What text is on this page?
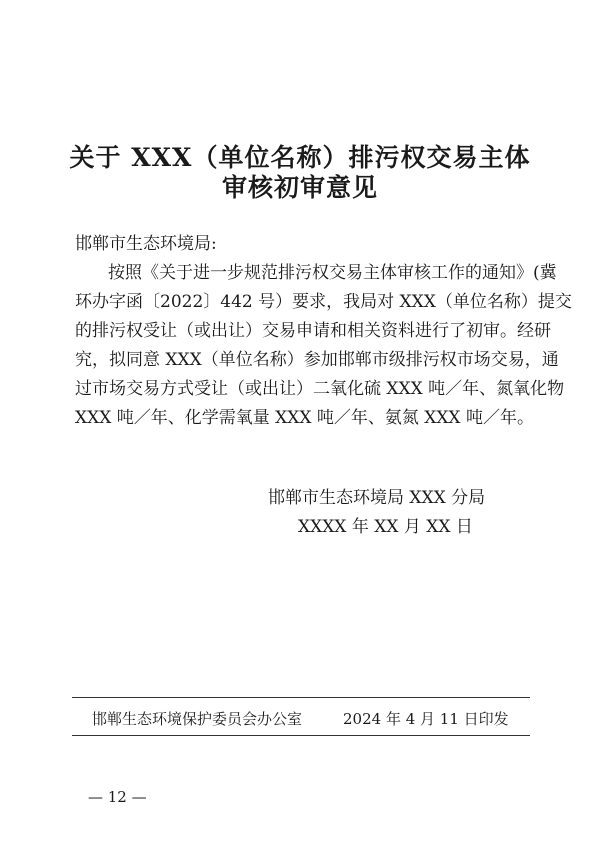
关于 XXX（单位名称）排污权交易主体
审核初审意见
邯郸市生态环境局:
按照《关于进一步规范排污权交易主体审核工作的通知》(冀
环办字函〔2022〕442 号）要求，我局对 XXX（单位名称）提交
的排污权受让（或出让）交易申请和相关资料进行了初审。经研
究，拟同意 XXX（单位名称）参加邯郸市级排污权市场交易，通
过市场交易方式受让（或出让）二氧化硫 XXX 吨／年、氮氧化物
XXX 吨／年、化学需氧量 XXX 吨／年、氨氮 XXX 吨／年。
邯郸市生态环境局 XXX 分局
XXXX 年 XX 月 XX 日
邯郸生态环境保护委员会办公室	2024 年 4 月 11 日印发
— 12 —
